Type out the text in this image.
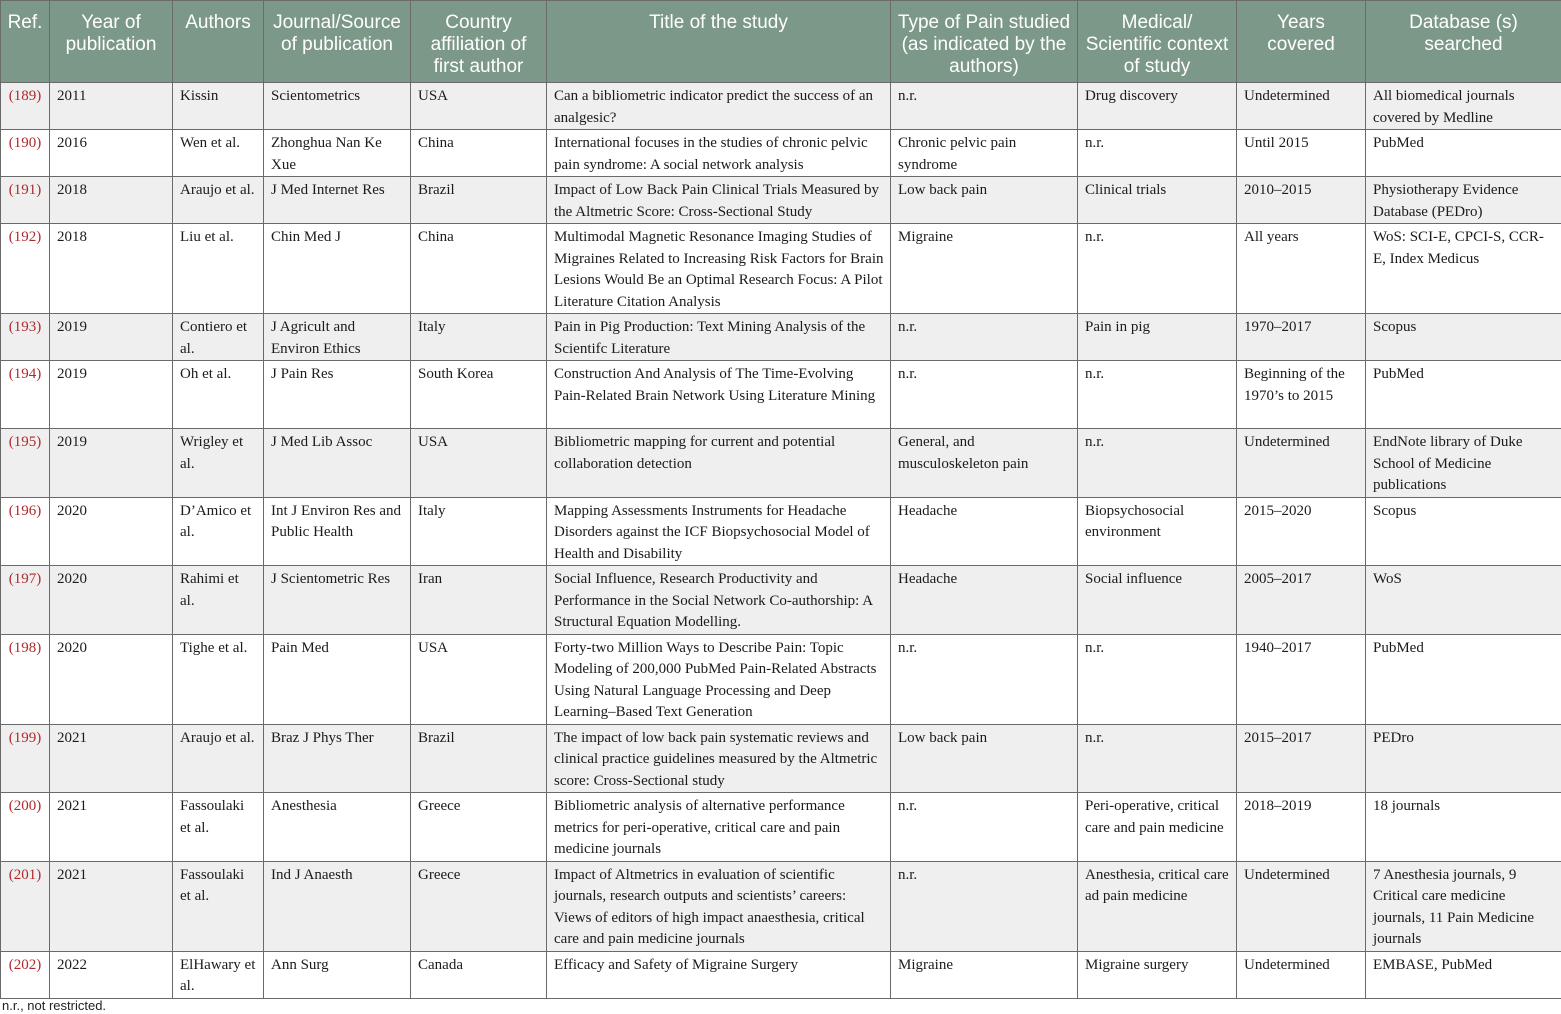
Ref.	Year of publication	Authors	Journal/Source of publication	Country affiliation of first author	Title of the study	Type of Pain studied (as indicated by the authors)	Medical/ Scientific context of study	Years covered	Database (s) searched
(189)	2011	Kissin	Scientometrics	USA	Can a bibliometric indicator predict the success of an analgesic?	n.r.	Drug discovery	Undetermined	All biomedical journals covered by Medline
(190)	2016	Wen et al.	Zhonghua Nan Ke Xue	China	International focuses in the studies of chronic pelvic pain syndrome: A social network analysis	Chronic pelvic pain syndrome	n.r.	Until 2015	PubMed
(191)	2018	Araujo et al.	J Med Internet Res	Brazil	Impact of Low Back Pain Clinical Trials Measured by the Altmetric Score: Cross-Sectional Study	Low back pain	Clinical trials	2010–2015	Physiotherapy Evidence Database (PEDro)
(192)	2018	Liu et al.	Chin Med J	China	Multimodal Magnetic Resonance Imaging Studies of Migraines Related to Increasing Risk Factors for Brain Lesions Would Be an Optimal Research Focus: A Pilot Literature Citation Analysis	Migraine	n.r.	All years	WoS: SCI-E, CPCI-S, CCR-E, Index Medicus
(193)	2019	Contiero et al.	J Agricult and Environ Ethics	Italy	Pain in Pig Production: Text Mining Analysis of the Scientifc Literature	n.r.	Pain in pig	1970–2017	Scopus
(194)	2019	Oh et al.	J Pain Res	South Korea	Construction And Analysis of The Time-Evolving Pain-Related Brain Network Using Literature Mining	n.r.	n.r.	Beginning of the 1970’s to 2015	PubMed
(195)	2019	Wrigley et al.	J Med Lib Assoc	USA	Bibliometric mapping for current and potential collaboration detection	General, and musculoskeleton pain	n.r.	Undetermined	EndNote library of Duke School of Medicine publications
(196)	2020	D’Amico et al.	Int J Environ Res and Public Health	Italy	Mapping Assessments Instruments for Headache Disorders against the ICF Biopsychosocial Model of Health and Disability	Headache	Biopsychosocial environment	2015–2020	Scopus
(197)	2020	Rahimi et al.	J Scientometric Res	Iran	Social Influence, Research Productivity and Performance in the Social Network Co-authorship: A Structural Equation Modelling.	Headache	Social influence	2005–2017	WoS
(198)	2020	Tighe et al.	Pain Med	USA	Forty-two Million Ways to Describe Pain: Topic Modeling of 200,000 PubMed Pain-Related Abstracts Using Natural Language Processing and Deep Learning–Based Text Generation	n.r.	n.r.	1940–2017	PubMed
(199)	2021	Araujo et al.	Braz J Phys Ther	Brazil	The impact of low back pain systematic reviews and clinical practice guidelines measured by the Altmetric score: Cross-Sectional study	Low back pain	n.r.	2015–2017	PEDro
(200)	2021	Fassoulaki et al.	Anesthesia	Greece	Bibliometric analysis of alternative performance metrics for peri-operative, critical care and pain medicine journals	n.r.	Peri-operative, critical care and pain medicine	2018–2019	18 journals
(201)	2021	Fassoulaki et al.	Ind J Anaesth	Greece	Impact of Altmetrics in evaluation of scientific journals, research outputs and scientists’ careers: Views of editors of high impact anaesthesia, critical care and pain medicine journals	n.r.	Anesthesia, critical care ad pain medicine	Undetermined	7 Anesthesia journals, 9 Critical care medicine journals, 11 Pain Medicine journals
(202)	2022	ElHawary et al.	Ann Surg	Canada	Efficacy and Safety of Migraine Surgery	Migraine	Migraine surgery	Undetermined	EMBASE, PubMed
n.r., not restricted.
